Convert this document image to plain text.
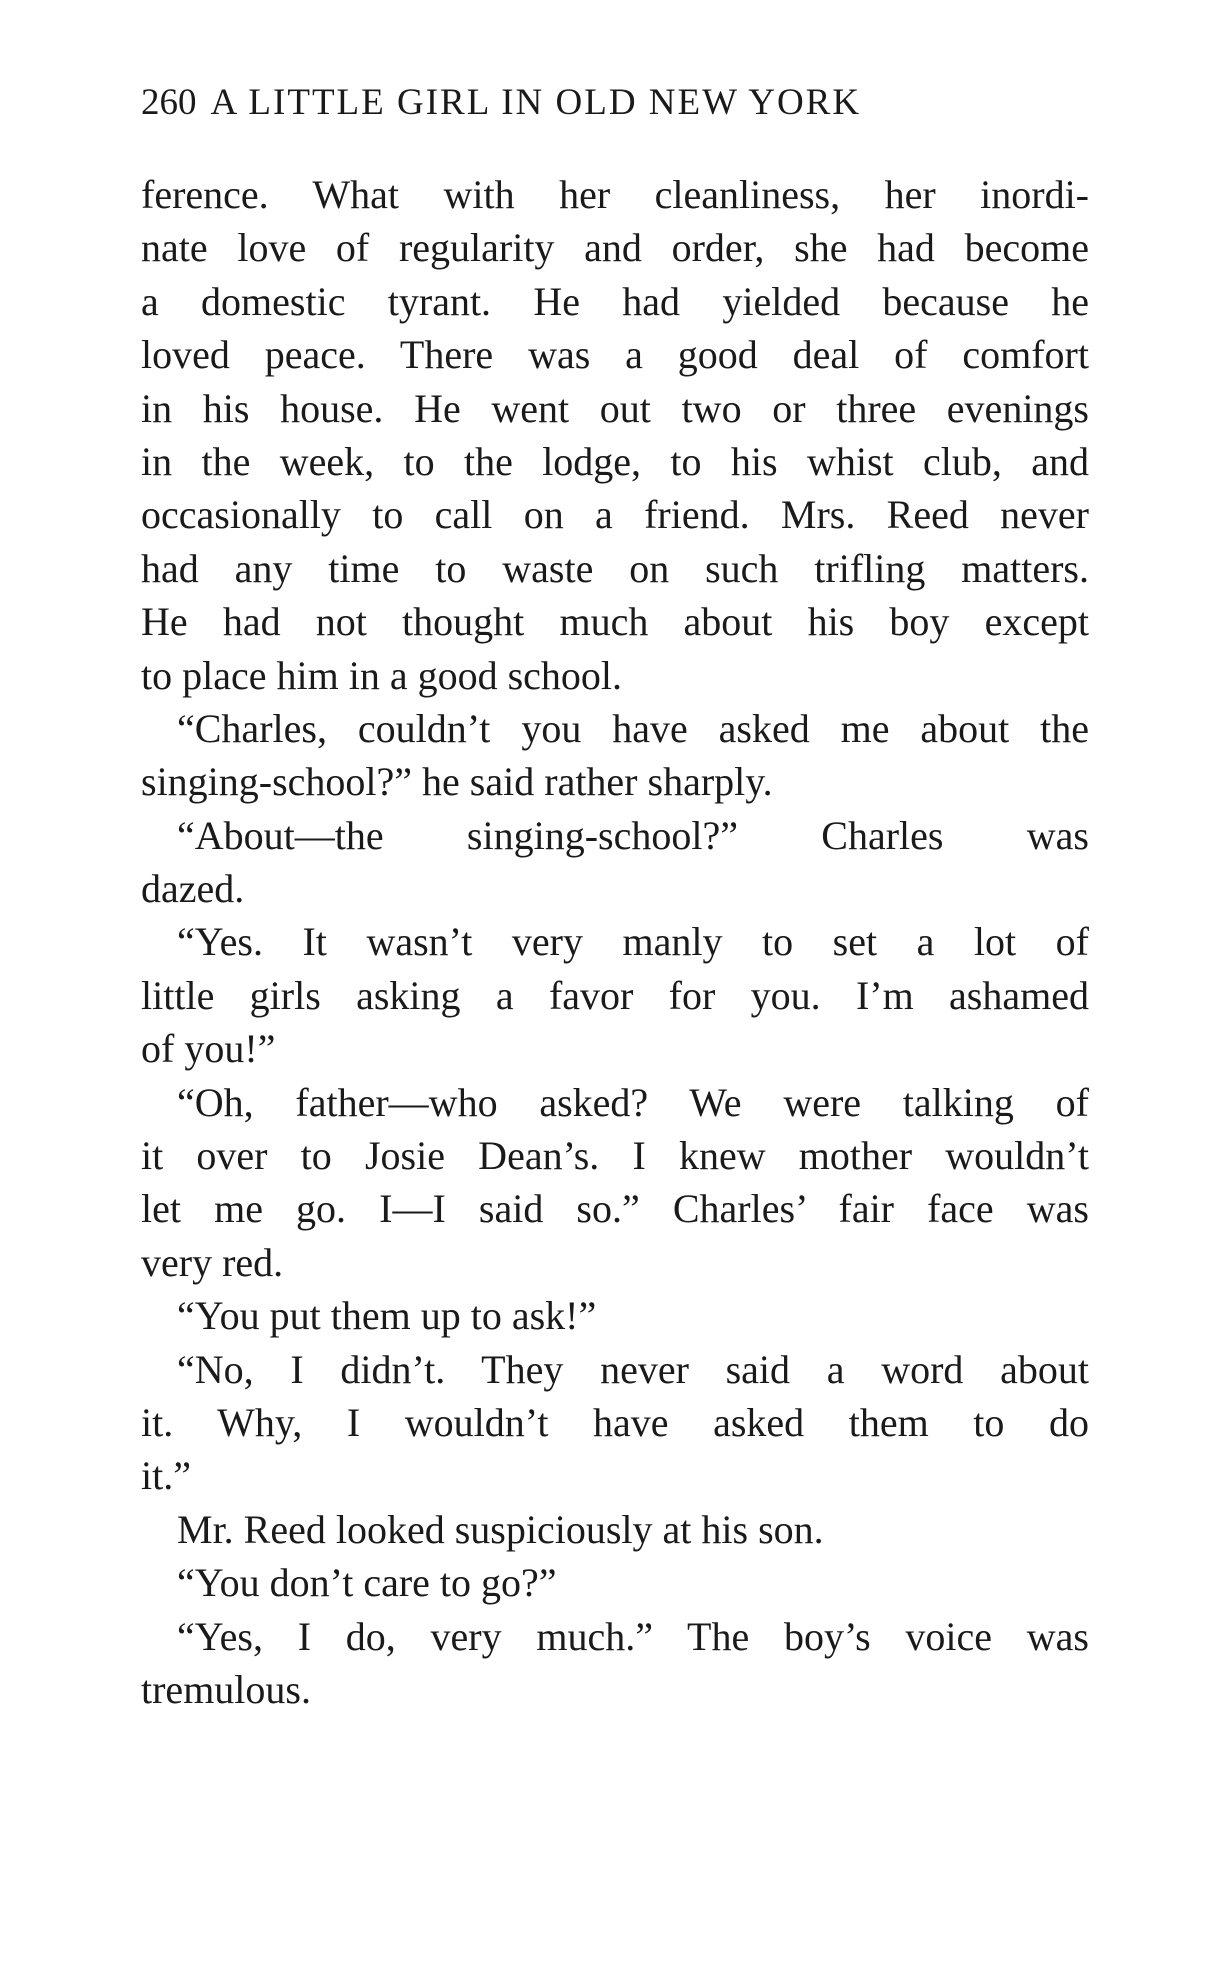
260 A LITTLE GIRL IN OLD NEW YORK
ference. What with her cleanliness, her inordi-
nate love of regularity and order, she had become
a domestic tyrant. He had yielded because he
loved peace. There was a good deal of comfort
in his house. He went out two or three evenings
in the week, to the lodge, to his whist club, and
occasionally to call on a friend. Mrs. Reed never
had any time to waste on such trifling matters.
He had not thought much about his boy except
to place him in a good school.
“Charles, couldn’t you have asked me about the
singing-school?” he said rather sharply.
“About—the singing-school?” Charles was
dazed.
“Yes. It wasn’t very manly to set a lot of
little girls asking a favor for you. I’m ashamed
of you!”
“Oh, father—who asked? We were talking of
it over to Josie Dean’s. I knew mother wouldn’t
let me go. I—I said so.” Charles’ fair face was
very red.
“You put them up to ask!”
“No, I didn’t. They never said a word about
it. Why, I wouldn’t have asked them to do
it.”
Mr. Reed looked suspiciously at his son.
“You don’t care to go?”
“Yes, I do, very much.” The boy’s voice was
tremulous.
